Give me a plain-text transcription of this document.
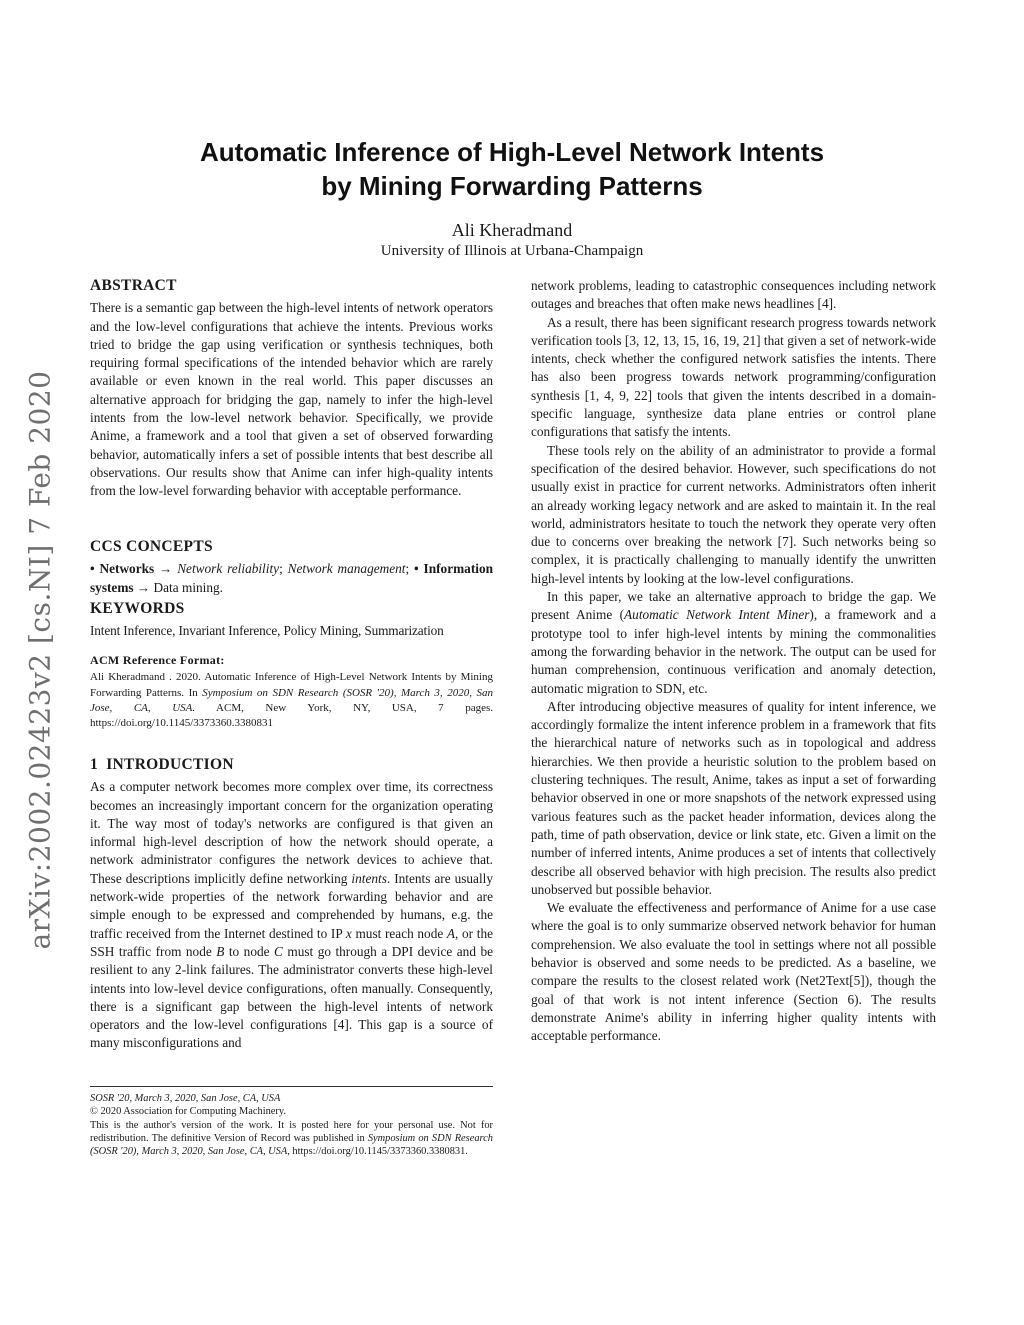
arXiv:2002.02423v2 [cs.NI] 7 Feb 2020
Automatic Inference of High-Level Network Intents
by Mining Forwarding Patterns
Ali Kheradmand
University of Illinois at Urbana-Champaign
ABSTRACT

There is a semantic gap between the high-level intents of network operators and the low-level configurations that achieve the intents. Previous works tried to bridge the gap using verification or synthesis techniques, both requiring formal specifications of the intended behavior which are rarely available or even known in the real world. This paper discusses an alternative approach for bridging the gap, namely to infer the high-level intents from the low-level network behavior. Specifically, we provide Anime, a framework and a tool that given a set of observed forwarding behavior, automatically infers a set of possible intents that best describe all observations. Our results show that Anime can infer high-quality intents from the low-level forwarding behavior with acceptable performance.

CCS CONCEPTS

• Networks → Network reliability; Network management; • Information systems → Data mining.

KEYWORDS

Intent Inference, Invariant Inference, Policy Mining, Summarization

ACM Reference Format:

Ali Kheradmand . 2020. Automatic Inference of High-Level Network Intents by Mining Forwarding Patterns. In Symposium on SDN Research (SOSR '20), March 3, 2020, San Jose, CA, USA. ACM, New York, NY, USA, 7 pages. https://doi.org/10.1145/3373360.3380831

1 INTRODUCTION

As a computer network becomes more complex over time, its correctness becomes an increasingly important concern for the organization operating it. The way most of today's networks are configured is that given an informal high-level description of how the network should operate, a network administrator configures the network devices to achieve that. These descriptions implicitly define networking intents. Intents are usually network-wide properties of the network forwarding behavior and are simple enough to be expressed and comprehended by humans, e.g. the traffic received from the Internet destined to IP x must reach node A, or the SSH traffic from node B to node C must go through a DPI device and be resilient to any 2-link failures. The administrator converts these high-level intents into low-level device configurations, often manually. Consequently, there is a significant gap between the high-level intents of network operators and the low-level configurations [4]. This gap is a source of many misconfigurations and

SOSR '20, March 3, 2020, San Jose, CA, USA
© 2020 Association for Computing Machinery.
This is the author's version of the work. It is posted here for your personal use. Not for redistribution. The definitive Version of Record was published in Symposium on SDN Research (SOSR '20), March 3, 2020, San Jose, CA, USA, https://doi.org/10.1145/3373360.3380831.

network problems, leading to catastrophic consequences including network outages and breaches that often make news headlines [4].

As a result, there has been significant research progress towards network verification tools [3, 12, 13, 15, 16, 19, 21] that given a set of network-wide intents, check whether the configured network satisfies the intents. There has also been progress towards network programming/configuration synthesis [1, 4, 9, 22] tools that given the intents described in a domain-specific language, synthesize data plane entries or control plane configurations that satisfy the intents.

These tools rely on the ability of an administrator to provide a formal specification of the desired behavior. However, such specifications do not usually exist in practice for current networks. Administrators often inherit an already working legacy network and are asked to maintain it. In the real world, administrators hesitate to touch the network they operate very often due to concerns over breaking the network [7]. Such networks being so complex, it is practically challenging to manually identify the unwritten high-level intents by looking at the low-level configurations.

In this paper, we take an alternative approach to bridge the gap. We present Anime (Automatic Network Intent Miner), a framework and a prototype tool to infer high-level intents by mining the commonalities among the forwarding behavior in the network. The output can be used for human comprehension, continuous verification and anomaly detection, automatic migration to SDN, etc.

After introducing objective measures of quality for intent inference, we accordingly formalize the intent inference problem in a framework that fits the hierarchical nature of networks such as in topological and address hierarchies. We then provide a heuristic solution to the problem based on clustering techniques. The result, Anime, takes as input a set of forwarding behavior observed in one or more snapshots of the network expressed using various features such as the packet header information, devices along the path, time of path observation, device or link state, etc. Given a limit on the number of inferred intents, Anime produces a set of intents that collectively describe all observed behavior with high precision. The results also predict unobserved but possible behavior.

We evaluate the effectiveness and performance of Anime for a use case where the goal is to only summarize observed network behavior for human comprehension. We also evaluate the tool in settings where not all possible behavior is observed and some needs to be predicted. As a baseline, we compare the results to the closest related work (Net2Text[5]), though the goal of that work is not intent inference (Section 6). The results demonstrate Anime's ability in inferring higher quality intents with acceptable performance.
